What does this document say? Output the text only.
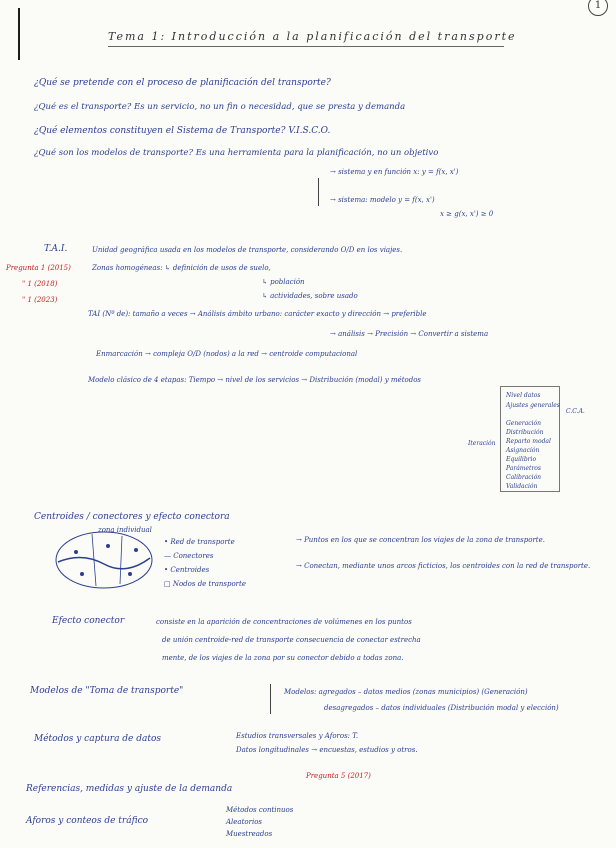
1
Tema 1: Introducción a la planificación del transporte
¿Qué se pretende con el proceso de planificación del transporte?
¿Qué es el transporte? Es un servicio, no un fin o necesidad, que se presta y demanda
¿Qué elementos constituyen el Sistema de Transporte? V.I.S.C.O.
¿Qué son los modelos de transporte? Es una herramienta para la planificación, no un objetivo
→ sistema y en función x: y = f(x, x')
→ sistema: modelo y = f(x, x')
x ≥ g(x, x') ≥ 0
T.A.I.	Unidad geográfica usada en los modelos de transporte, considerando O/D en los viajes.
Zonas homogéneas: ↳ definición de usos de suelo,
↳ población
↳ actividades, sobre usado
Pregunta 1 (2015)
" 1 (2018)
" 1 (2023)
TAI (Nº de): tamaño a veces → Análisis ámbito urbano: carácter exacto y dirección → preferible
→ análisis → Precisión → Convertir a sistema
Enmarcación → compleja O/D (nodos) a la red → centroide computacional
Modelo clásico de 4 etapas: Tiempo → nivel de los servicios → Distribución (modal) y métodos
Nivel datos
Ajustes generales
C.C.A.
Iteración
Generación
Distribución
Reparto modal
Asignación
Equilibrio
Parámetros
Calibración
Validación
Centroides / conectores y efecto conectora
zona individual
• Red de transporte
— Conectores
• Centroides
□ Nodos de transporte
→ Puntos en los que se concentran los viajes de la zona de transporte.
→ Conectan, mediante unos arcos ficticios, los centroides con la red de transporte.
Efecto conector	consiste en la aparición de concentraciones de volúmenes en los puntos
de unión centroide-red de transporte consecuencia de conectar estrecha
mente, de los viajes de la zona por su conector debido a todas zona.
Modelos de "Toma de transporte"	Modelos: agregados – datos medios (zonas municipios) (Generación)
desagregados – datos individuales (Distribución modal y elección)
Métodos y captura de datos	Estudios transversales y Aforos: T.
Datos longitudinales → encuestas, estudios y otros.
Pregunta 5 (2017)
Referencias, medidas y ajuste de la demanda
Aforos y conteos de tráfico
Métodos continuos
Aleatorios
Muestreados
